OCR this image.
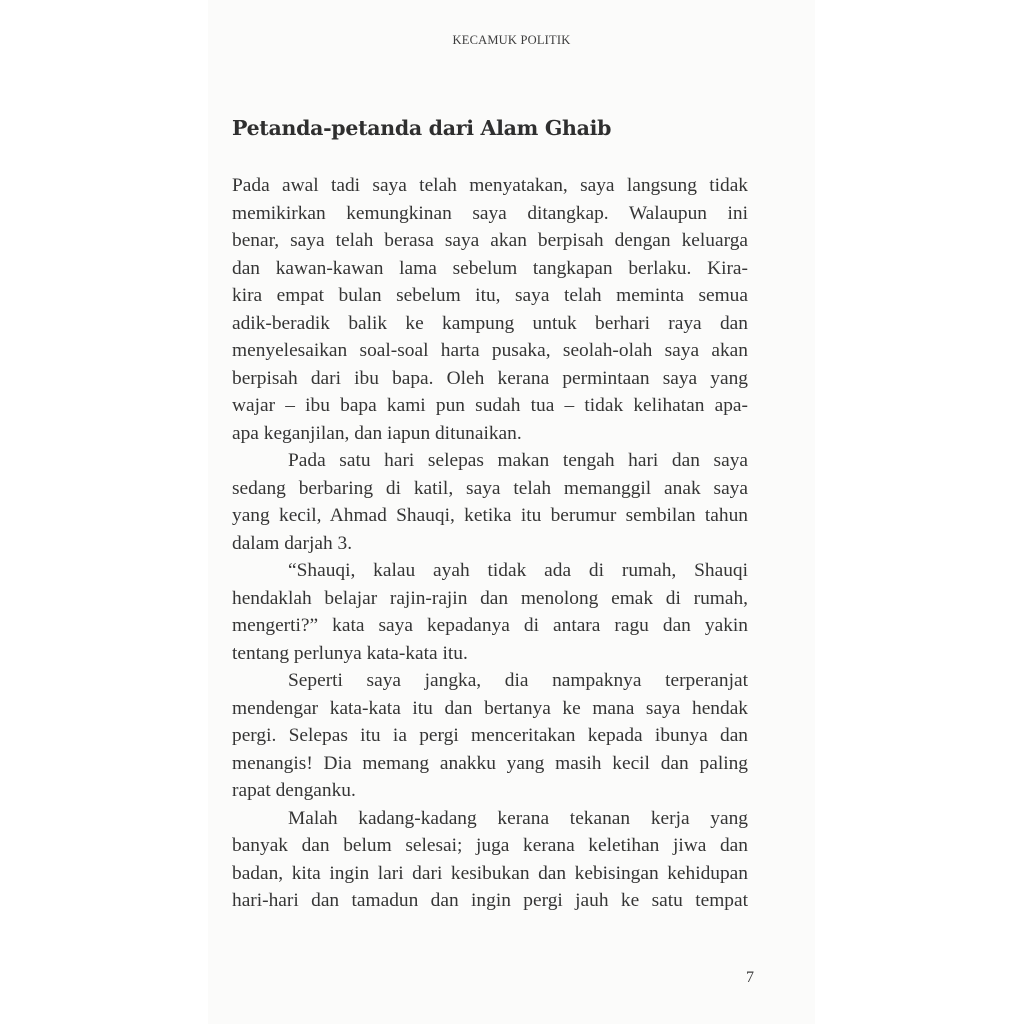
KECAMUK POLITIK
Petanda-petanda dari Alam Ghaib
Pada awal tadi saya telah menyatakan, saya langsung tidak
memikirkan kemungkinan saya ditangkap. Walaupun ini
benar, saya telah berasa saya akan berpisah dengan keluarga
dan kawan-kawan lama sebelum tangkapan berlaku. Kira-
kira empat bulan sebelum itu, saya telah meminta semua
adik-beradik balik ke kampung untuk berhari raya dan
menyelesaikan soal-soal harta pusaka, seolah-olah saya akan
berpisah dari ibu bapa. Oleh kerana permintaan saya yang
wajar – ibu bapa kami pun sudah tua – tidak kelihatan apa-
apa keganjilan, dan iapun ditunaikan.
Pada satu hari selepas makan tengah hari dan saya
sedang berbaring di katil, saya telah memanggil anak saya
yang kecil, Ahmad Shauqi, ketika itu berumur sembilan tahun
dalam darjah 3.
“Shauqi, kalau ayah tidak ada di rumah, Shauqi
hendaklah belajar rajin-rajin dan menolong emak di rumah,
mengerti?” kata saya kepadanya di antara ragu dan yakin
tentang perlunya kata-kata itu.
Seperti saya jangka, dia nampaknya terperanjat
mendengar kata-kata itu dan bertanya ke mana saya hendak
pergi. Selepas itu ia pergi menceritakan kepada ibunya dan
menangis! Dia memang anakku yang masih kecil dan paling
rapat denganku.
Malah kadang-kadang kerana tekanan kerja yang
banyak dan belum selesai; juga kerana keletihan jiwa dan
badan, kita ingin lari dari kesibukan dan kebisingan kehidupan
hari-hari dan tamadun dan ingin pergi jauh ke satu tempat
7
